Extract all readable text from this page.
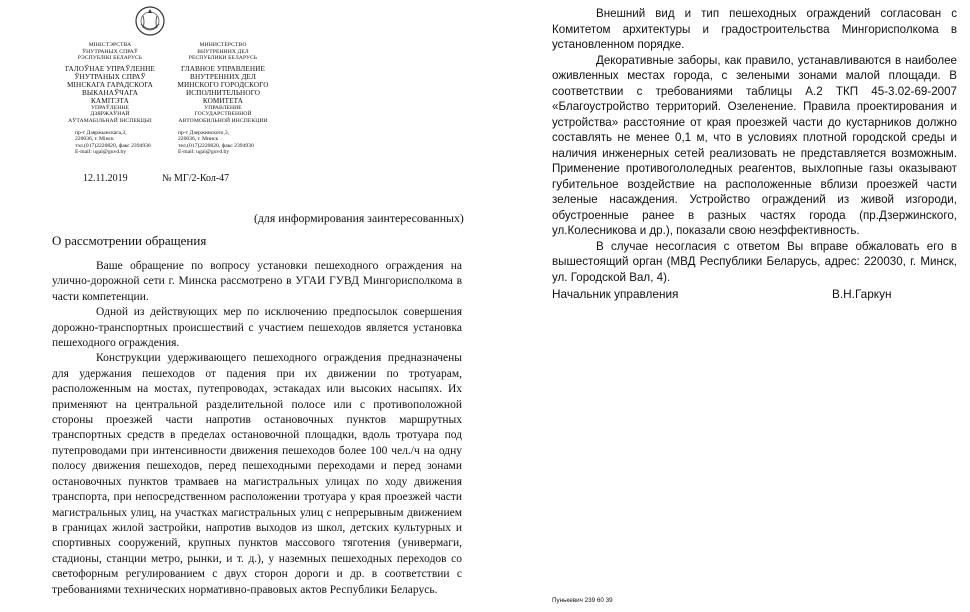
МІНІСТЭРСТВА
ЎНУТРАНЫХ СПРАЎ
РЭСПУБЛІКІ БЕЛАРУСЬ
ГАЛОЎНАЕ УПРАЎЛЕННЕ
ЎНУТРАНЫХ СПРАЎ
МІНСКАГА ГАРАДСКОГА
ВЫКАНАЎЧАГА
КАМІТЭТА
УПРАЎЛЕННЕ
ДЗЯРЖАЎНАЙ
АЎТАМАБІЛЬНАЙ ІНСПЕКЦЫІ
МИНИСТЕРСТВО
ВНУТРЕННИХ ДЕЛ
РЕСПУБЛИКИ БЕЛАРУСЬ
ГЛАВНОЕ УПРАВЛЕНИЕ
ВНУТРЕННИХ ДЕЛ
МИНСКОГО ГОРОДСКОГО
ИСПОЛНИТЕЛЬНОГО
КОМИТЕТА
УПРАВЛЕНИЕ
ГОСУДАРСТВЕННОЙ
АВТОМОБИЛЬНОЙ ИНСПЕКЦИИ
пр-т Дзяржынскага,3,
220036, г. Мінск
тэл.(017)2220820, факс 2394930
E-mail: ugai@guvd.by
пр-т Дзержинского,3,
220036, г. Минск
тел.(017)2220820, факс 2394930
E-mail: ugai@guvd.by
12.11.2019	№ МГ/2-Кол-47
(для информирования заинтересованных)
О рассмотрении обращения

Ваше обращение по вопросу установки пешеходного ограждения на улично-дорожной сети г. Минска рассмотрено в УГАИ ГУВД Мингорисполкома в части компетенции.

Одной из действующих мер по исключению предпосылок совершения дорожно-транспортных происшествий с участием пешеходов является установка пешеходного ограждения.

Конструкции удерживающего пешеходного ограждения предназначены для удержания пешеходов от падения при их движении по тротуарам, расположенным на мостах, путепроводах, эстакадах или высоких насыпях. Их применяют на центральной разделительной полосе или с противоположной стороны проезжей части напротив остановочных пунктов маршрутных транспортных средств в пределах остановочной площадки, вдоль тротуара под путепроводами при интенсивности движения пешеходов более 100 чел./ч на одну полосу движения пешеходов, перед пешеходными переходами и перед зонами остановочных пунктов трамваев на магистральных улицах по ходу движения транспорта, при непосредственном расположении тротуара у края проезжей части магистральных улиц, на участках магистральных улиц с непрерывным движением в границах жилой застройки, напротив выходов из школ, детских культурных и спортивных сооружений, крупных пунктов массового тяготения (универмаги, стадионы, станции метро, рынки, и т. д.), у наземных пешеходных переходов со светофорным регулированием с двух сторон дороги и др. в соответствии с требованиями технических нормативно-правовых актов Республики Беларусь.

Внешний вид и тип пешеходных ограждений согласован с Комитетом архитектуры и градостроительства Мингорисполкома в установленном порядке.

Декоративные заборы, как правило, устанавливаются в наиболее оживленных местах города, с зелеными зонами малой площади. В соответствии с требованиями таблицы А.2 ТКП 45-3.02-69-2007 «Благоустройство территорий. Озеленение. Правила проектирования и устройства» расстояние от края проезжей части до кустарников должно составлять не менее 0,1 м, что в условиях плотной городской среды и наличия инженерных сетей реализовать не представляется возможным. Применение противогололедных реагентов, выхлопные газы оказывают губительное воздействие на расположенные вблизи проезжей части зеленые насаждения. Устройство ограждений из живой изгороди, обустроенные ранее в разных частях города (пр.Дзержинского, ул.Колесникова и др.), показали свою неэффективность.

В случае несогласия с ответом Вы вправе обжаловать его в вышестоящий орган (МВД Республики Беларусь, адрес: 220030, г. Минск, ул. Городской Вал, 4).

Начальник управления	В.Н.Гаркун
Пунькевич 239 60 39
